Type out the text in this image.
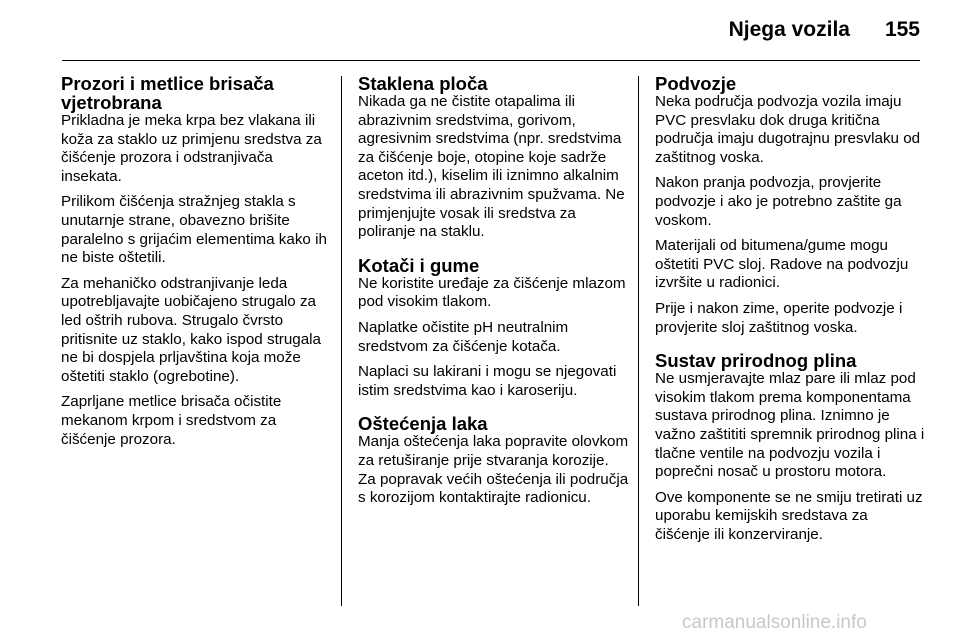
Njega vozila 155
Prozori i metlice brisača vjetrobrana

Prikladna je meka krpa bez vlakana ili koža za staklo uz primjenu sredstva za čišćenje prozora i odstranjivača insekata.

Prilikom čišćenja stražnjeg stakla s unutarnje strane, obavezno brišite paralelno s grijaćim elementima kako ih ne biste oštetili.

Za mehaničko odstranjivanje leda upotrebljavajte uobičajeno strugalo za led oštrih rubova. Strugalo čvrsto pritisnite uz staklo, kako ispod strugala ne bi dospjela prljavština koja može oštetiti staklo (ogrebotine).

Zaprljane metlice brisača očistite mekanom krpom i sredstvom za čišćenje prozora.

Staklena ploča

Nikada ga ne čistite otapalima ili abrazivnim sredstvima, gorivom, agresivnim sredstvima (npr. sredstvima za čišćenje boje, otopine koje sadrže aceton itd.), kiselim ili iznimno alkalnim sredstvima ili abrazivnim spužvama. Ne primjenjujte vosak ili sredstva za poliranje na staklu.

Kotači i gume

Ne koristite uređaje za čišćenje mlazom pod visokim tlakom.

Naplatke očistite pH neutralnim sredstvom za čišćenje kotača.

Naplaci su lakirani i mogu se njegovati istim sredstvima kao i karoseriju.

Oštećenja laka

Manja oštećenja laka popravite olovkom za retuširanje prije stvaranja korozije. Za popravak većih oštećenja ili područja s korozijom kontaktirajte radionicu.

Podvozje

Neka područja podvozja vozila imaju PVC presvlaku dok druga kritična područja imaju dugotrajnu presvlaku od zaštitnog voska.

Nakon pranja podvozja, provjerite podvozje i ako je potrebno zaštite ga voskom.

Materijali od bitumena/gume mogu oštetiti PVC sloj. Radove na podvozju izvršite u radionici.

Prije i nakon zime, operite podvozje i provjerite sloj zaštitnog voska.

Sustav prirodnog plina

Ne usmjeravajte mlaz pare ili mlaz pod visokim tlakom prema komponentama sustava prirodnog plina. Iznimno je važno zaštititi spremnik prirodnog plina i tlačne ventile na podvozju vozila i poprečni nosač u prostoru motora.

Ove komponente se ne smiju tretirati uz uporabu kemijskih sredstava za čišćenje ili konzerviranje.

carmanualsonline.info
